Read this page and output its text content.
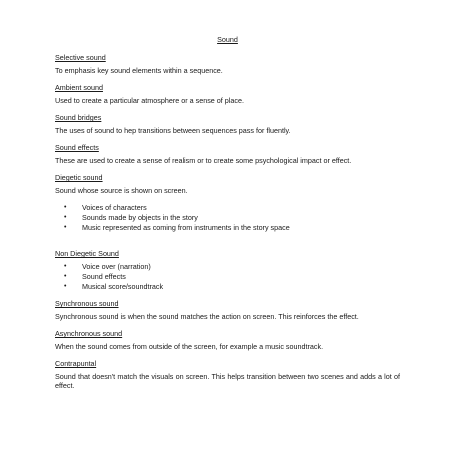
Sound
Selective sound
To emphasis key sound elements within a sequence.
Ambient sound
Used to create a particular atmosphere or a sense of place.
Sound bridges
The uses of sound to hep transitions between sequences pass for fluently.
Sound effects
These are used to create a sense of realism or to create some psychological impact or effect.
Diegetic sound
Sound whose source is shown on screen.
• Voices of characters
• Sounds made by objects in the story
• Music represented as coming from instruments in the story space
Non Diegetic Sound
• Voice over (narration)
• Sound effects
• Musical score/soundtrack
Synchronous sound
Synchronous sound is when the sound matches the action on screen. This reinforces the effect.
Asynchronous sound
When the sound comes from outside of the screen, for example a music soundtrack.
Contrapuntal
Sound that doesn't match the visuals on screen. This helps transition between two scenes and adds a lot of effect.
